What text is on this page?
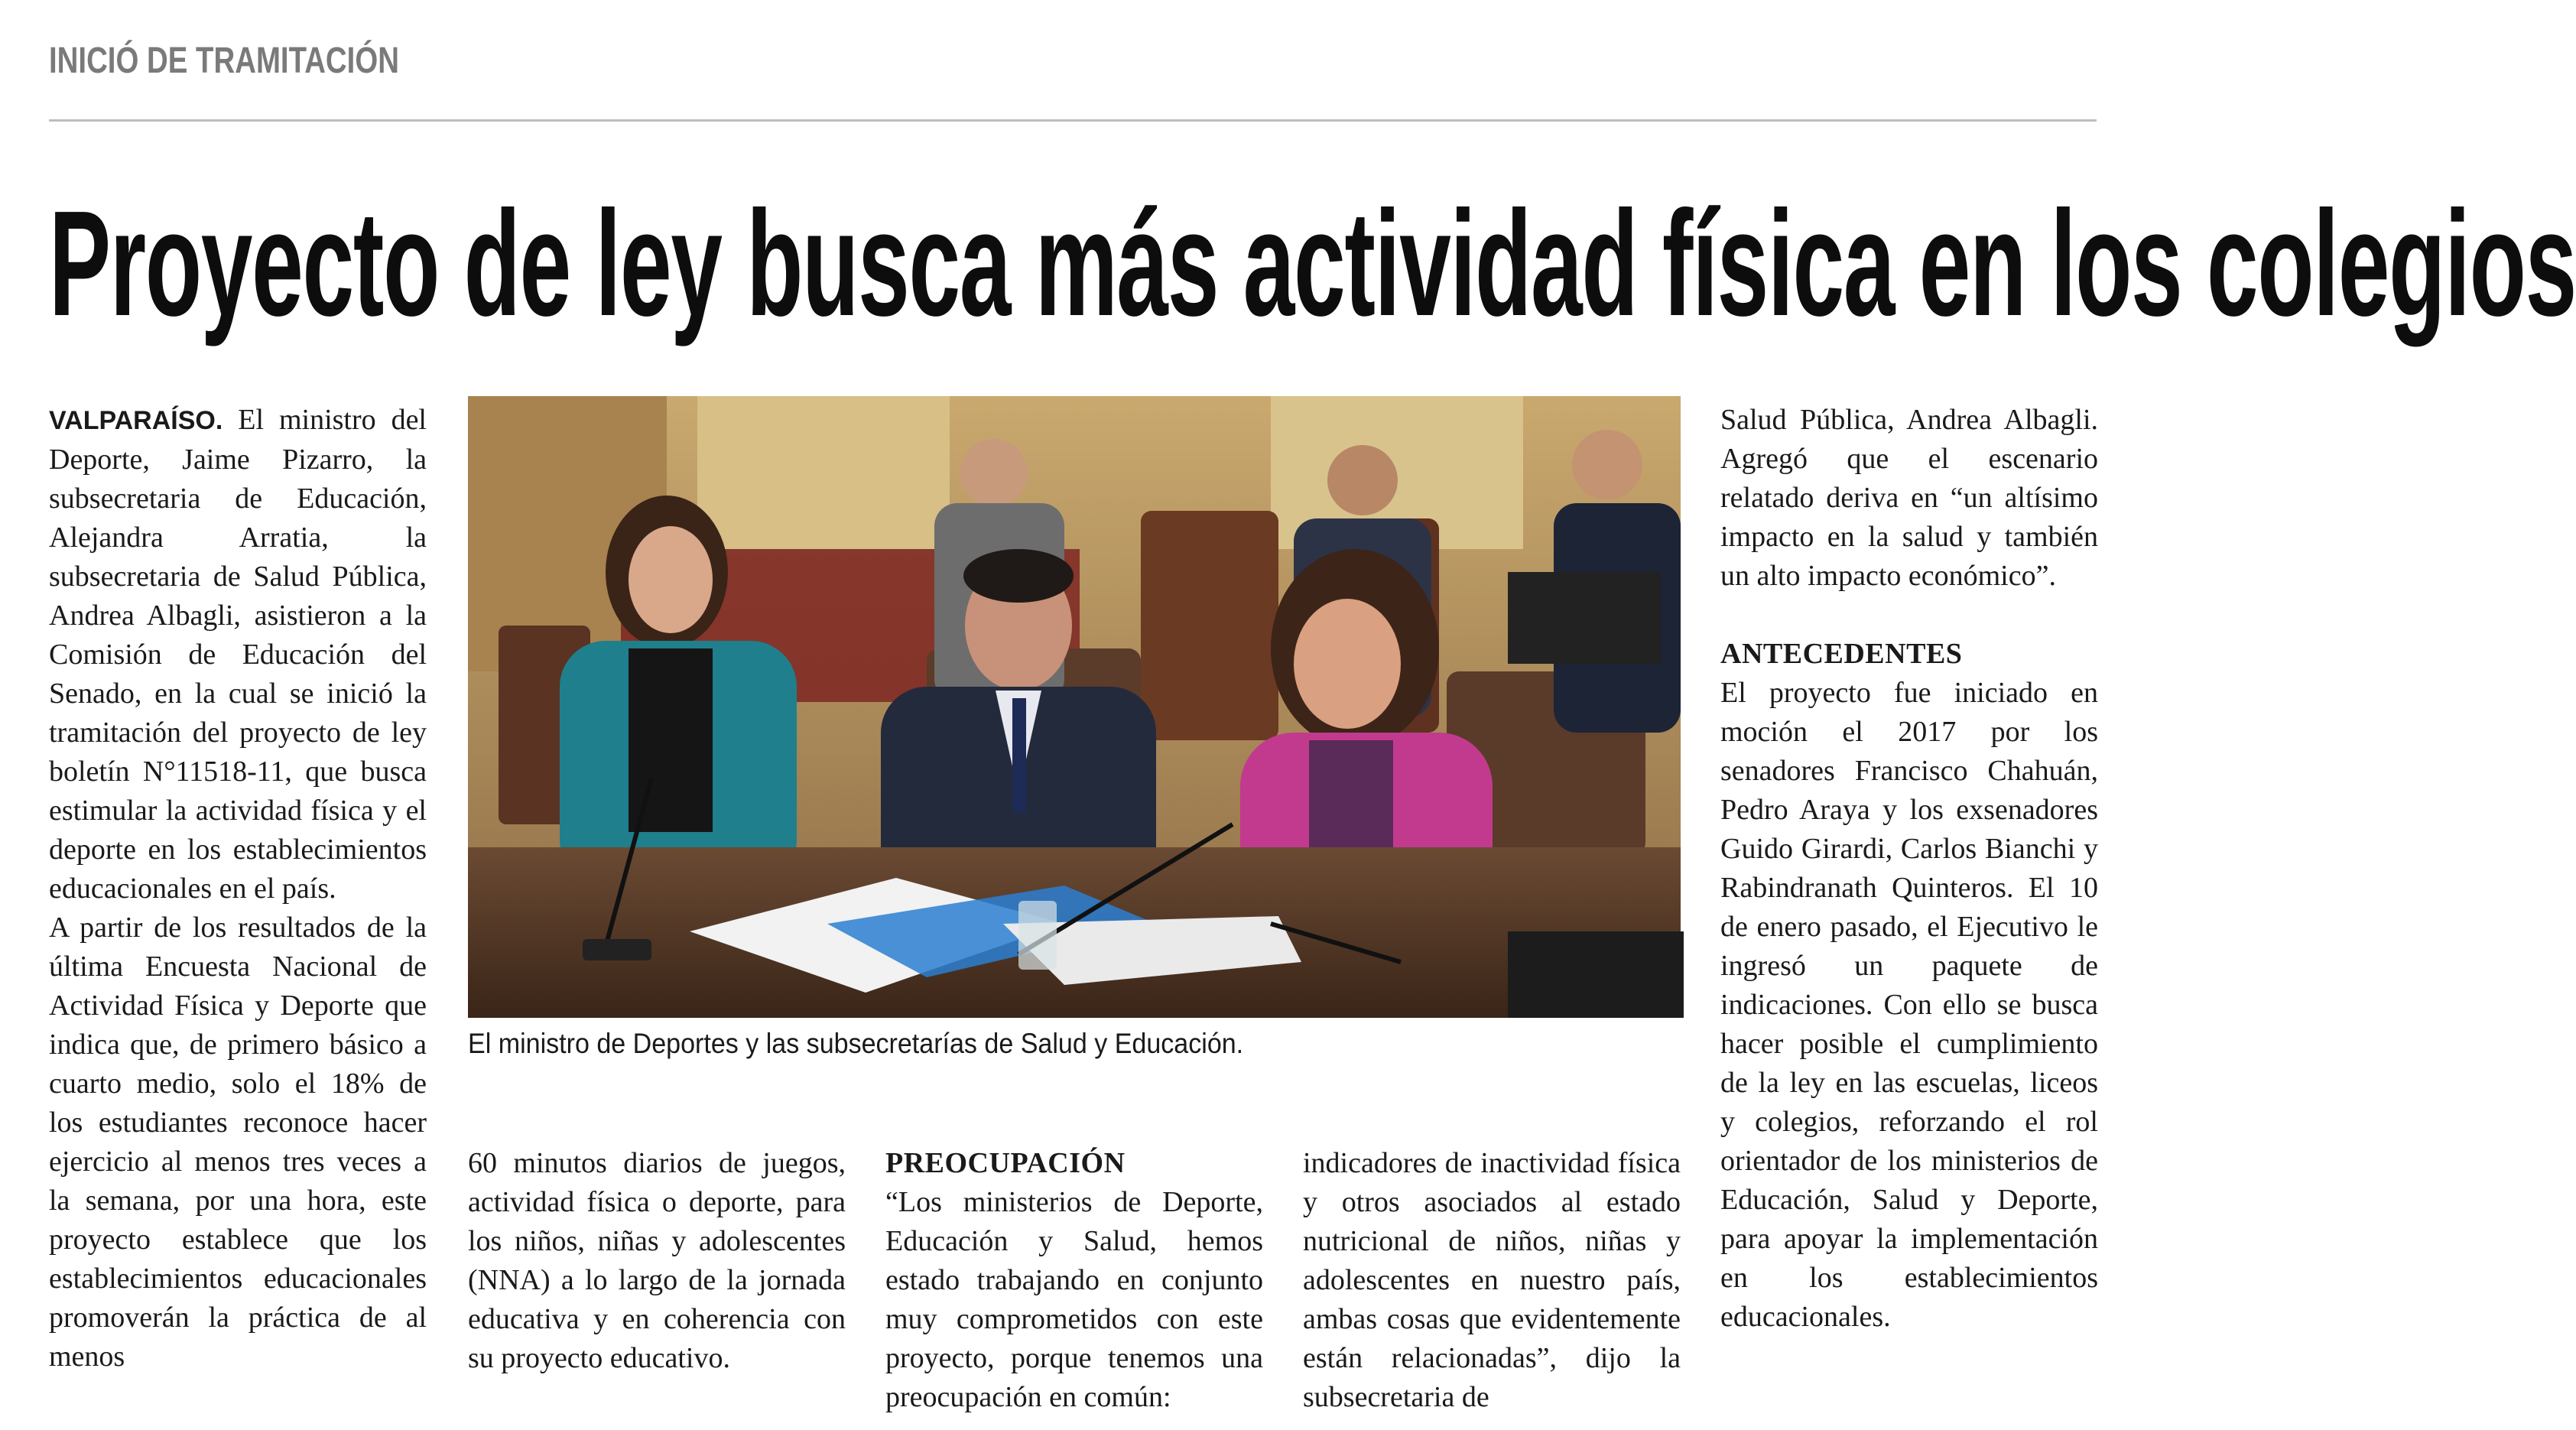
INICIÓ DE TRAMITACIÓN
Proyecto de ley busca más actividad física en los colegios

VALPARAÍSO. El ministro del Deporte, Jaime Pizarro, la subsecretaria de Educación, Alejandra Arratia, la subsecretaria de Salud Pública, Andrea Albagli, asistieron a la Comisión de Educación del Senado, en la cual se inició la tramitación del proyecto de ley boletín N°11518-11, que busca estimular la actividad física y el deporte en los establecimientos educacionales en el país.

A partir de los resultados de la última Encuesta Nacional de Actividad Física y Deporte que indica que, de primero básico a cuarto medio, solo el 18% de los estudiantes reconoce hacer ejercicio al menos tres veces a la semana, por una hora, este proyecto establece que los establecimientos educacionales promoverán la práctica de al menos

El ministro de Deportes y las subsecretarías de Salud y Educación.

60 minutos diarios de juegos, actividad física o deporte, para los niños, niñas y adolescentes (NNA) a lo largo de la jornada educativa y en coherencia con su proyecto educativo.

PREOCUPACIÓN

“Los ministerios de Deporte, Educación y Salud, hemos estado trabajando en conjunto muy comprometidos con este proyecto, porque tenemos una preocupación en común:

indicadores de inactividad física y otros asociados al estado nutricional de niños, niñas y adolescentes en nuestro país, ambas cosas que evidentemente están relacionadas”, dijo la subsecretaria de

Salud Pública, Andrea Albagli. Agregó que el escenario relatado deriva en “un altísimo impacto en la salud y también un alto impacto económico”.

ANTECEDENTES

El proyecto fue iniciado en moción el 2017 por los senadores Francisco Chahuán, Pedro Araya y los exsenadores Guido Girardi, Carlos Bianchi y Rabindranath Quinteros. El 10 de enero pasado, el Ejecutivo le ingresó un paquete de indicaciones. Con ello se busca hacer posible el cumplimiento de la ley en las escuelas, liceos y colegios, reforzando el rol orientador de los ministerios de Educación, Salud y Deporte, para apoyar la implementación en los establecimientos educacionales.
